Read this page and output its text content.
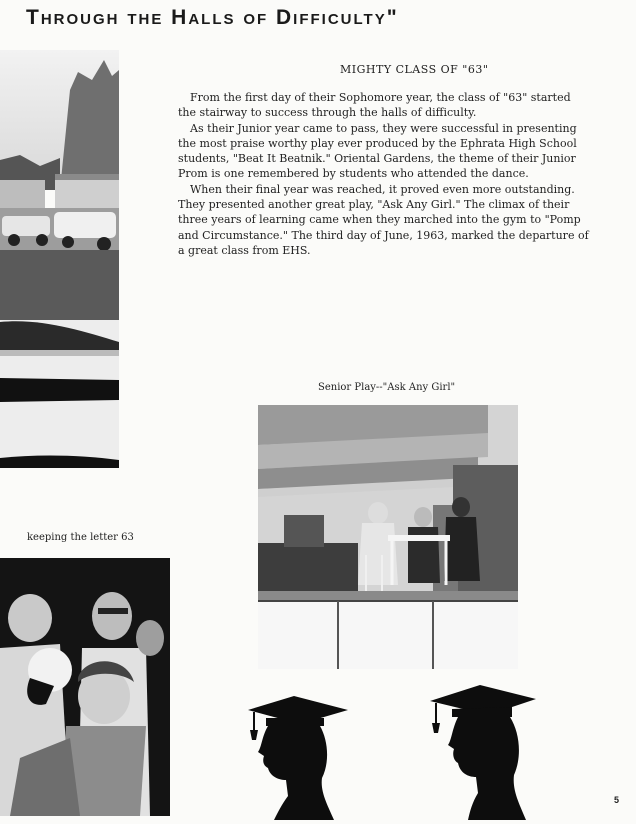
Through the Halls of Difficulty"
MIGHTY CLASS OF "63"

From the first day of their Sophomore year, the class of "63" started the stairway to success through the halls of difficulty.

As their Junior year came to pass, they were successful in presenting the most praise worthy play ever produced by the Ephrata High School students, "Beat It Beatnik." Oriental Gardens, the theme of their Junior Prom is one remembered by students who attended the dance.

When their final year was reached, it proved even more outstanding. They presented another great play, "Ask Any Girl." The climax of their three years of learning came when they marched into the gym to "Pomp and Circumstance." The third day of June, 1963, marked the departure of a great class from EHS.

Senior Play--"Ask Any Girl"
keeping the letter 63
5
